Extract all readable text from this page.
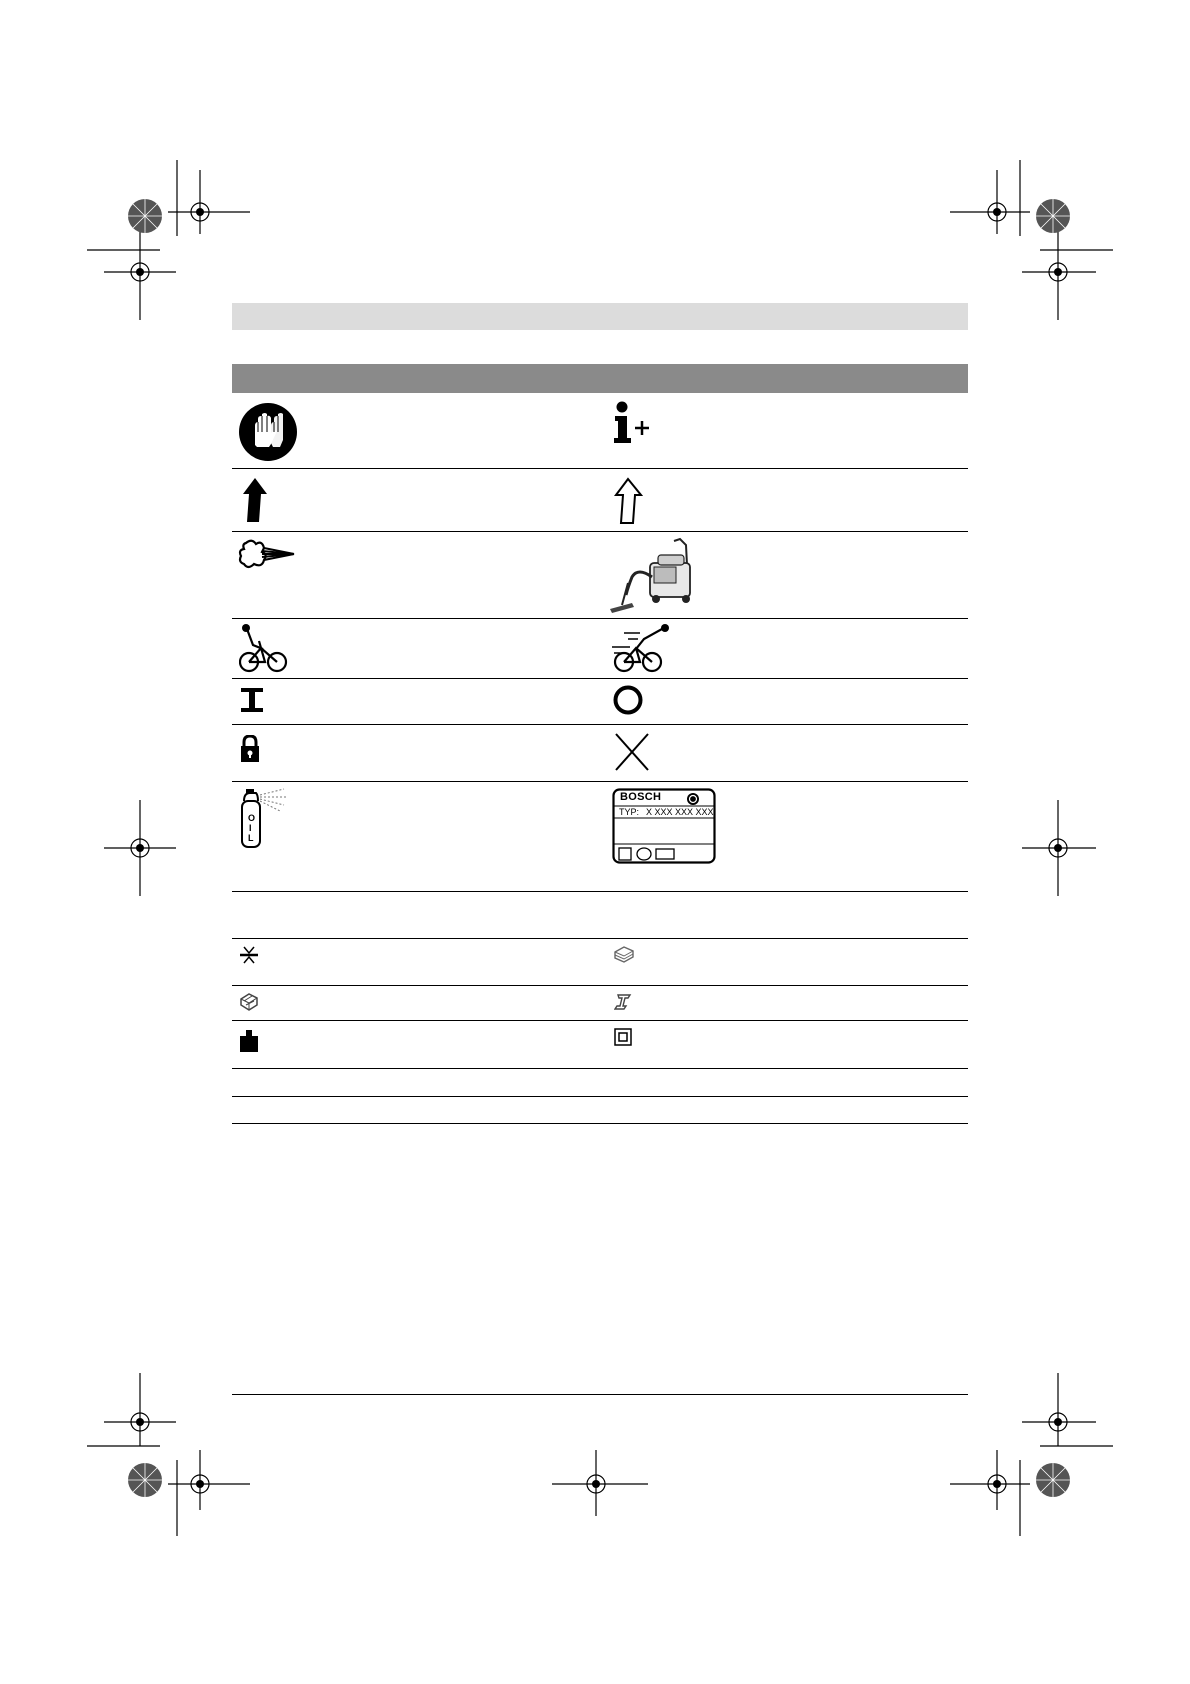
O
I
L
BOSCH
TYP:
X XXX XXX XXX
